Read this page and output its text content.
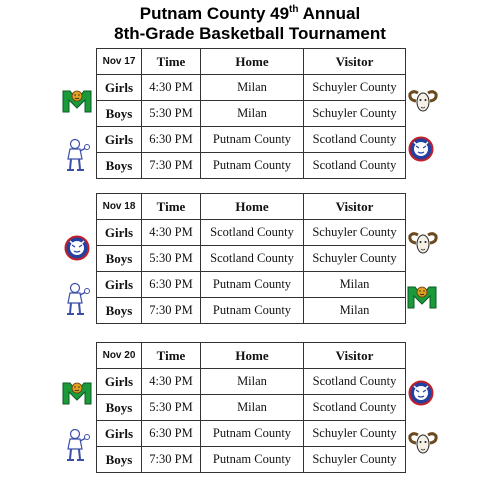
Putnam County 49th Annual
8th-Grade Basketball Tournament
Nov 17	Time	Home	Visitor
Girls	4:30 PM	Milan	Schuyler County
Boys	5:30 PM	Milan	Schuyler County
Girls	6:30 PM	Putnam County	Scotland County
Boys	7:30 PM	Putnam County	Scotland County
Nov 18	Time	Home	Visitor
Girls	4:30 PM	Scotland County	Schuyler County
Boys	5:30 PM	Scotland County	Schuyler County
Girls	6:30 PM	Putnam County	Milan
Boys	7:30 PM	Putnam County	Milan
Nov 20	Time	Home	Visitor
Girls	4:30 PM	Milan	Scotland County
Boys	5:30 PM	Milan	Scotland County
Girls	6:30 PM	Putnam County	Schuyler County
Boys	7:30 PM	Putnam County	Schuyler County
